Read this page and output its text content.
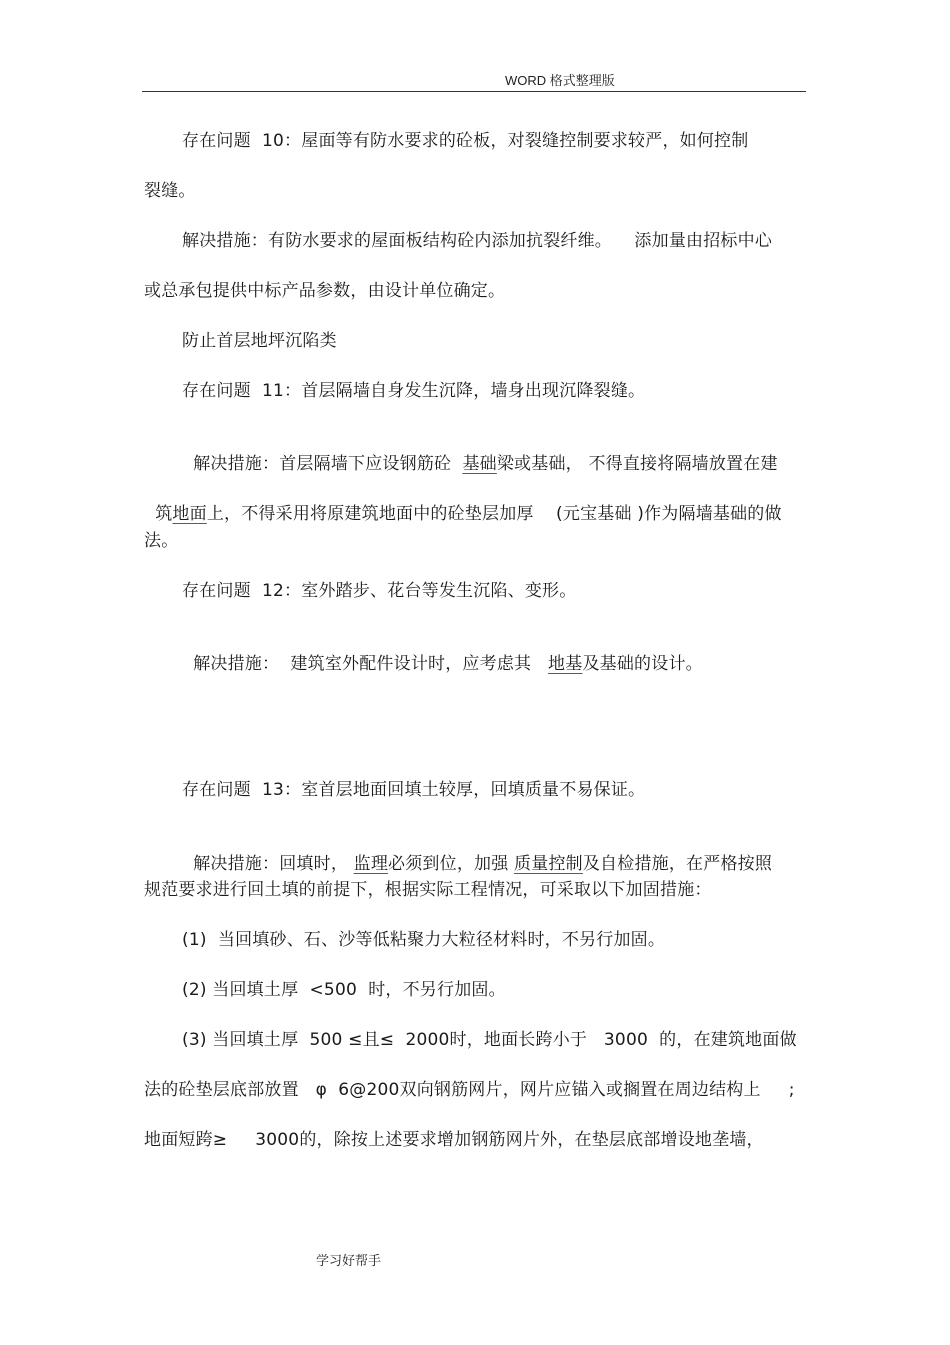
WORD 格式整理版
存在问题  10：屋面等有防水要求的砼板，对裂缝控制要求较严，如何控制
裂缝。
解决措施：有防水要求的屋面板结构砼内添加抗裂纤维。    添加量由招标中心
或总承包提供中标产品参数，由设计单位确定。
防止首层地坪沉陷类
存在问题  11：首层隔墙自身发生沉降，墙身出现沉降裂缝。

解决措施：首层隔墙下应设钢筋砼  基础梁或基础， 不得直接将隔墙放置在建

筑地面上，不得采用将原建筑地面中的砼垫层加厚    (元宝基础 )作为隔墙基础的做

法。
存在问题  12：室外踏步、花台等发生沉陷、变形。

解决措施：  建筑室外配件设计时，应考虑其   地基及基础的设计。

存在问题  13：室首层地面回填土较厚，回填质量不易保证。

解决措施：回填时， 监理必须到位，加强 质量控制及自检措施，在严格按照

规范要求进行回土填的前提下，根据实际工程情况，可采取以下加固措施：
(1)  当回填砂、石、沙等低粘聚力大粒径材料时，不另行加固。
(2) 当回填土厚  <500  时，不另行加固。
(3) 当回填土厚  500 ≤且≤  2000时，地面长跨小于   3000  的，在建筑地面做
法的砼垫层底部放置   φ  6@200双向钢筋网片，网片应锚入或搁置在周边结构上     ;
地面短跨≥     3000的，除按上述要求增加钢筋网片外，在垫层底部增设地垄墙，
学习好帮手
